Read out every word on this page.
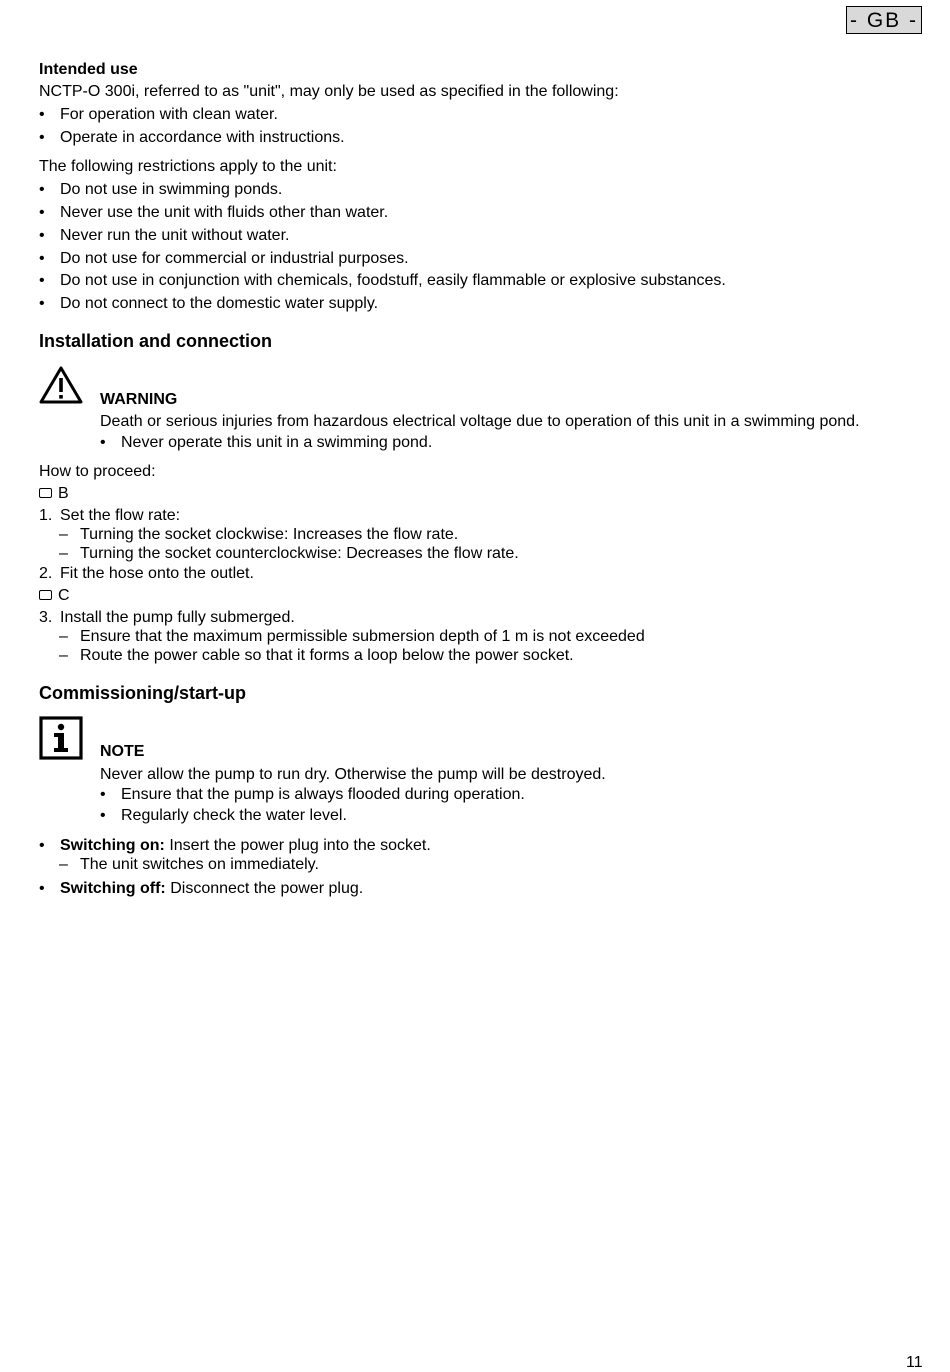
- GB -
Intended use
NCTP-O 300i, referred to as "unit", may only be used as specified in the following:
• For operation with clean water.
• Operate in accordance with instructions.
The following restrictions apply to the unit:
• Do not use in swimming ponds.
• Never use the unit with fluids other than water.
• Never run the unit without water.
• Do not use for commercial or industrial purposes.
• Do not use in conjunction with chemicals, foodstuff, easily flammable or explosive substances.
• Do not connect to the domestic water supply.
Installation and connection
WARNING
Death or serious injuries from hazardous electrical voltage due to operation of this unit in a swimming pond.
• Never operate this unit in a swimming pond.
How to proceed:
B
1. Set the flow rate:
– Turning the socket clockwise: Increases the flow rate.
– Turning the socket counterclockwise: Decreases the flow rate.
2. Fit the hose onto the outlet.
C
3. Install the pump fully submerged.
– Ensure that the maximum permissible submersion depth of 1 m is not exceeded
– Route the power cable so that it forms a loop below the power socket.
Commissioning/start-up
NOTE
Never allow the pump to run dry. Otherwise the pump will be destroyed.
• Ensure that the pump is always flooded during operation.
• Regularly check the water level.
• Switching on: Insert the power plug into the socket.
– The unit switches on immediately.
• Switching off: Disconnect the power plug.
11
